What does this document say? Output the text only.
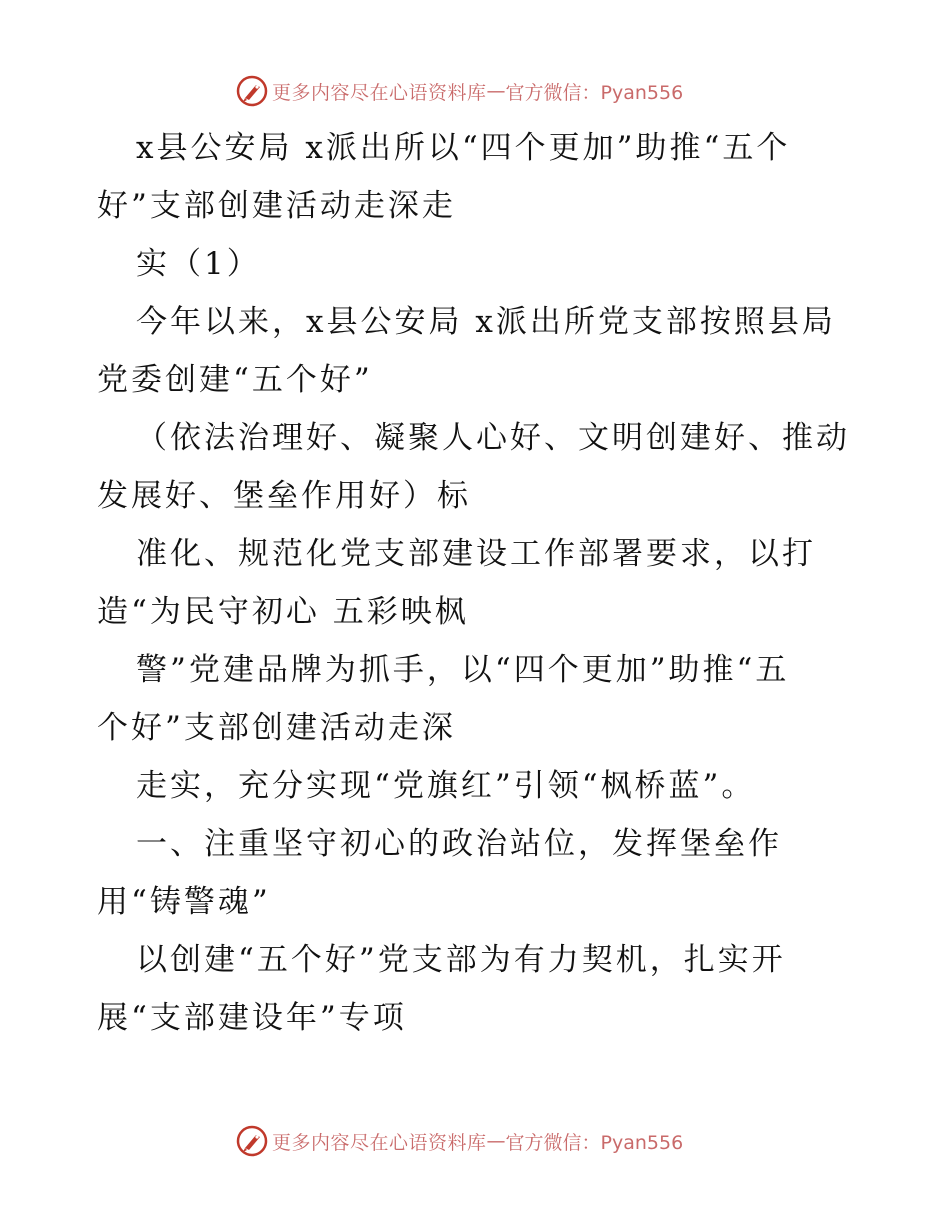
更多内容尽在心语资料库 — 官方微信：Pyan556
x县公安局 x派出所以“四个更加”助推“五个
好”支部创建活动走深走
实（1）
今年以来，x县公安局 x派出所党支部按照县局
党委创建“五个好”
（依法治理好、凝聚人心好、文明创建好、推动
发展好、堡垒作用好）标
准化、规范化党支部建设工作部署要求，以打
造“为民守初心 五彩映枫
警”党建品牌为抓手，以“四个更加”助推“五
个好”支部创建活动走深
走实，充分实现“党旗红”引领“枫桥蓝”。
一、注重坚守初心的政治站位，发挥堡垒作
用“铸警魂”
以创建“五个好”党支部为有力契机，扎实开
展“支部建设年”专项
更多内容尽在心语资料库 — 官方微信：Pyan556
